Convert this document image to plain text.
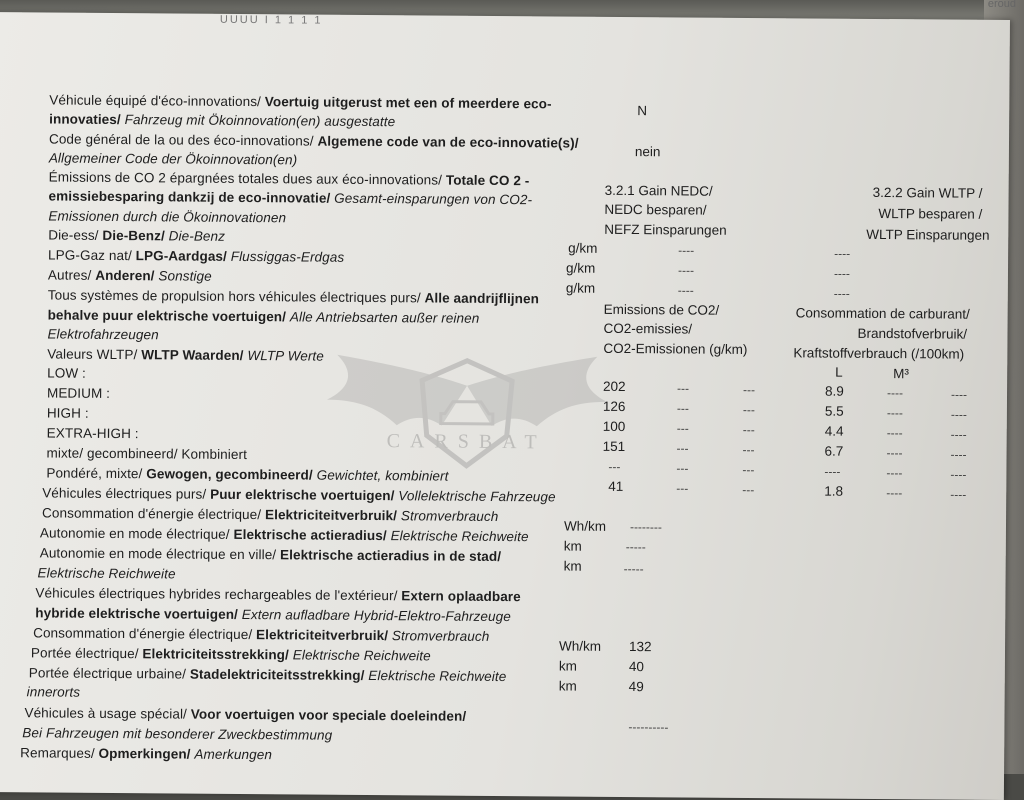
UUUU I 1 1 1 1
CARSBAT
Véhicule équipé d'éco-innovations/ Voertuig uitgerust met een of meerdere eco-
innovaties/ Fahrzeug mit Ökoinnovation(en) ausgestatte
Code général de la ou des éco-innovations/ Algemene code van de eco-innovatie(s)/
Allgemeiner Code der Ökoinnovation(en)
Émissions de CO 2 épargnées totales dues aux éco-innovations/ Totale CO 2 -
emissiebesparing dankzij de eco-innovatie/ Gesamt-einsparungen von CO2-
Emissionen durch die Ökoinnovationen
Die-ess/ Die-Benz/ Die-Benz
LPG-Gaz nat/ LPG-Aardgas/ Flussiggas-Erdgas
Autres/ Anderen/ Sonstige
Tous systèmes de propulsion hors véhicules électriques purs/ Alle aandrijflijnen
behalve puur elektrische voertuigen/ Alle Antriebsarten außer reinen
Elektrofahrzeugen
Valeurs WLTP/ WLTP Waarden/ WLTP Werte
LOW :
MEDIUM :
HIGH :
EXTRA-HIGH :
mixte/ gecombineerd/ Kombiniert
Pondéré, mixte/ Gewogen, gecombineerd/ Gewichtet, kombiniert
Véhicules électriques purs/ Puur elektrische voertuigen/ Vollelektrische Fahrzeuge
Consommation d'énergie électrique/ Elektriciteitverbruik/ Stromverbrauch
Autonomie en mode électrique/ Elektrische actieradius/ Elektrische Reichweite
Autonomie en mode électrique en ville/ Elektrische actieradius in de stad/
Elektrische Reichweite
Véhicules électriques hybrides rechargeables de l'extérieur/ Extern oplaadbare
hybride elektrische voertuigen/ Extern aufladbare Hybrid-Elektro-Fahrzeuge
Consommation d'énergie électrique/ Elektriciteitverbruik/ Stromverbrauch
Portée électrique/ Elektriciteitsstrekking/ Elektrische Reichweite
Portée électrique urbaine/ Stadelektriciteitsstrekking/ Elektrische Reichweite
innerorts
Véhicules à usage spécial/ Voor voertuigen voor speciale doeleinden/
Bei Fahrzeugen mit besonderer Zweckbestimmung
Remarques/ Opmerkingen/ Amerkungen
N
nein
3.2.1 Gain NEDC/
NEDC besparen/
NEFZ Einsparungen
3.2.2 Gain WLTP /
WLTP besparen /
WLTP Einsparungen
g/km	----	----
g/km	----	----
g/km	----	----
Emissions de CO2/
CO2-emissies/
CO2-Emissionen (g/km)
Consommation de carburant/
Brandstofverbruik/
Kraftstoffverbrauch (/100km)
L	M³
202	---	---	8.9	----	----
126	---	---	5.5	----	----
100	---	---	4.4	----	----
151	---	---	6.7	----	----
---	---	---	----	----	----
41	---	---	1.8	----	----
Wh/km --------
km	-----
km	-----
Wh/km 132
km	40
km	49
----------
eroud
